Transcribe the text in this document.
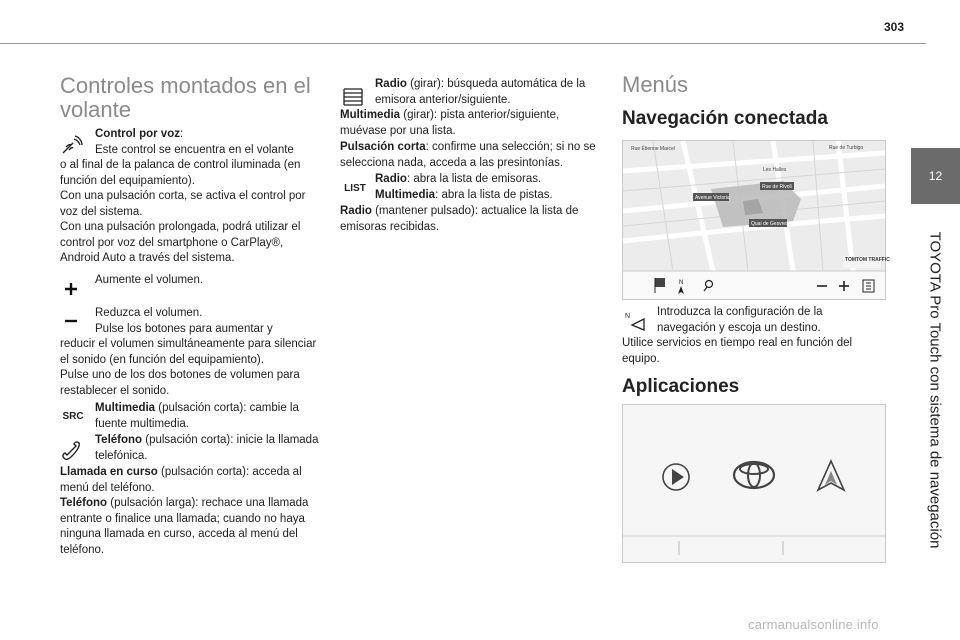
303
12
TOYOTA Pro Touch con sistema de navegación
Controles montados en el volante
Control por voz:
Este control se encuentra en el volante
o al final de la palanca de control iluminada (en función del equipamiento).
Con una pulsación corta, se activa el control por voz del sistema.
Con una pulsación prolongada, podrá utilizar el control por voz del smartphone o CarPlay®, Android Auto a través del sistema.
Aumente el volumen.
Reduzca el volumen.
Pulse los botones para aumentar y
reducir el volumen simultáneamente para silenciar el sonido (en función del equipamiento).
Pulse uno de los dos botones de volumen para restablecer el sonido.
SRC
Multimedia (pulsación corta): cambie la fuente multimedia.
Teléfono (pulsación corta): inicie la llamada telefónica.
Llamada en curso (pulsación corta): acceda al menú del teléfono.
Teléfono (pulsación larga): rechace una llamada entrante o finalice una llamada; cuando no haya ninguna llamada en curso, acceda al menú del teléfono.
Radio (girar): búsqueda automática de la emisora anterior/siguiente.
Multimedia (girar): pista anterior/siguiente, muévase por una lista.
Pulsación corta: confirme una selección; si no se selecciona nada, acceda a las presintonías.
LIST
Radio: abra la lista de emisoras.
Multimedia: abra la lista de pistas.
Radio (mantener pulsado): actualice la lista de emisoras recibidas.
Menús
Navegación conectada
Rue Étienne Marcel	Rue de Turbigo
Les Halles
Rue de Rivoli
Avenue Victoria
Quai de Gesvres
TOMTOM TRAFFIC
N
N Introduzca la configuración de la
navegación y escoja un destino.
Utilice servicios en tiempo real en función del equipo.
Aplicaciones
carmanualsonline.info
